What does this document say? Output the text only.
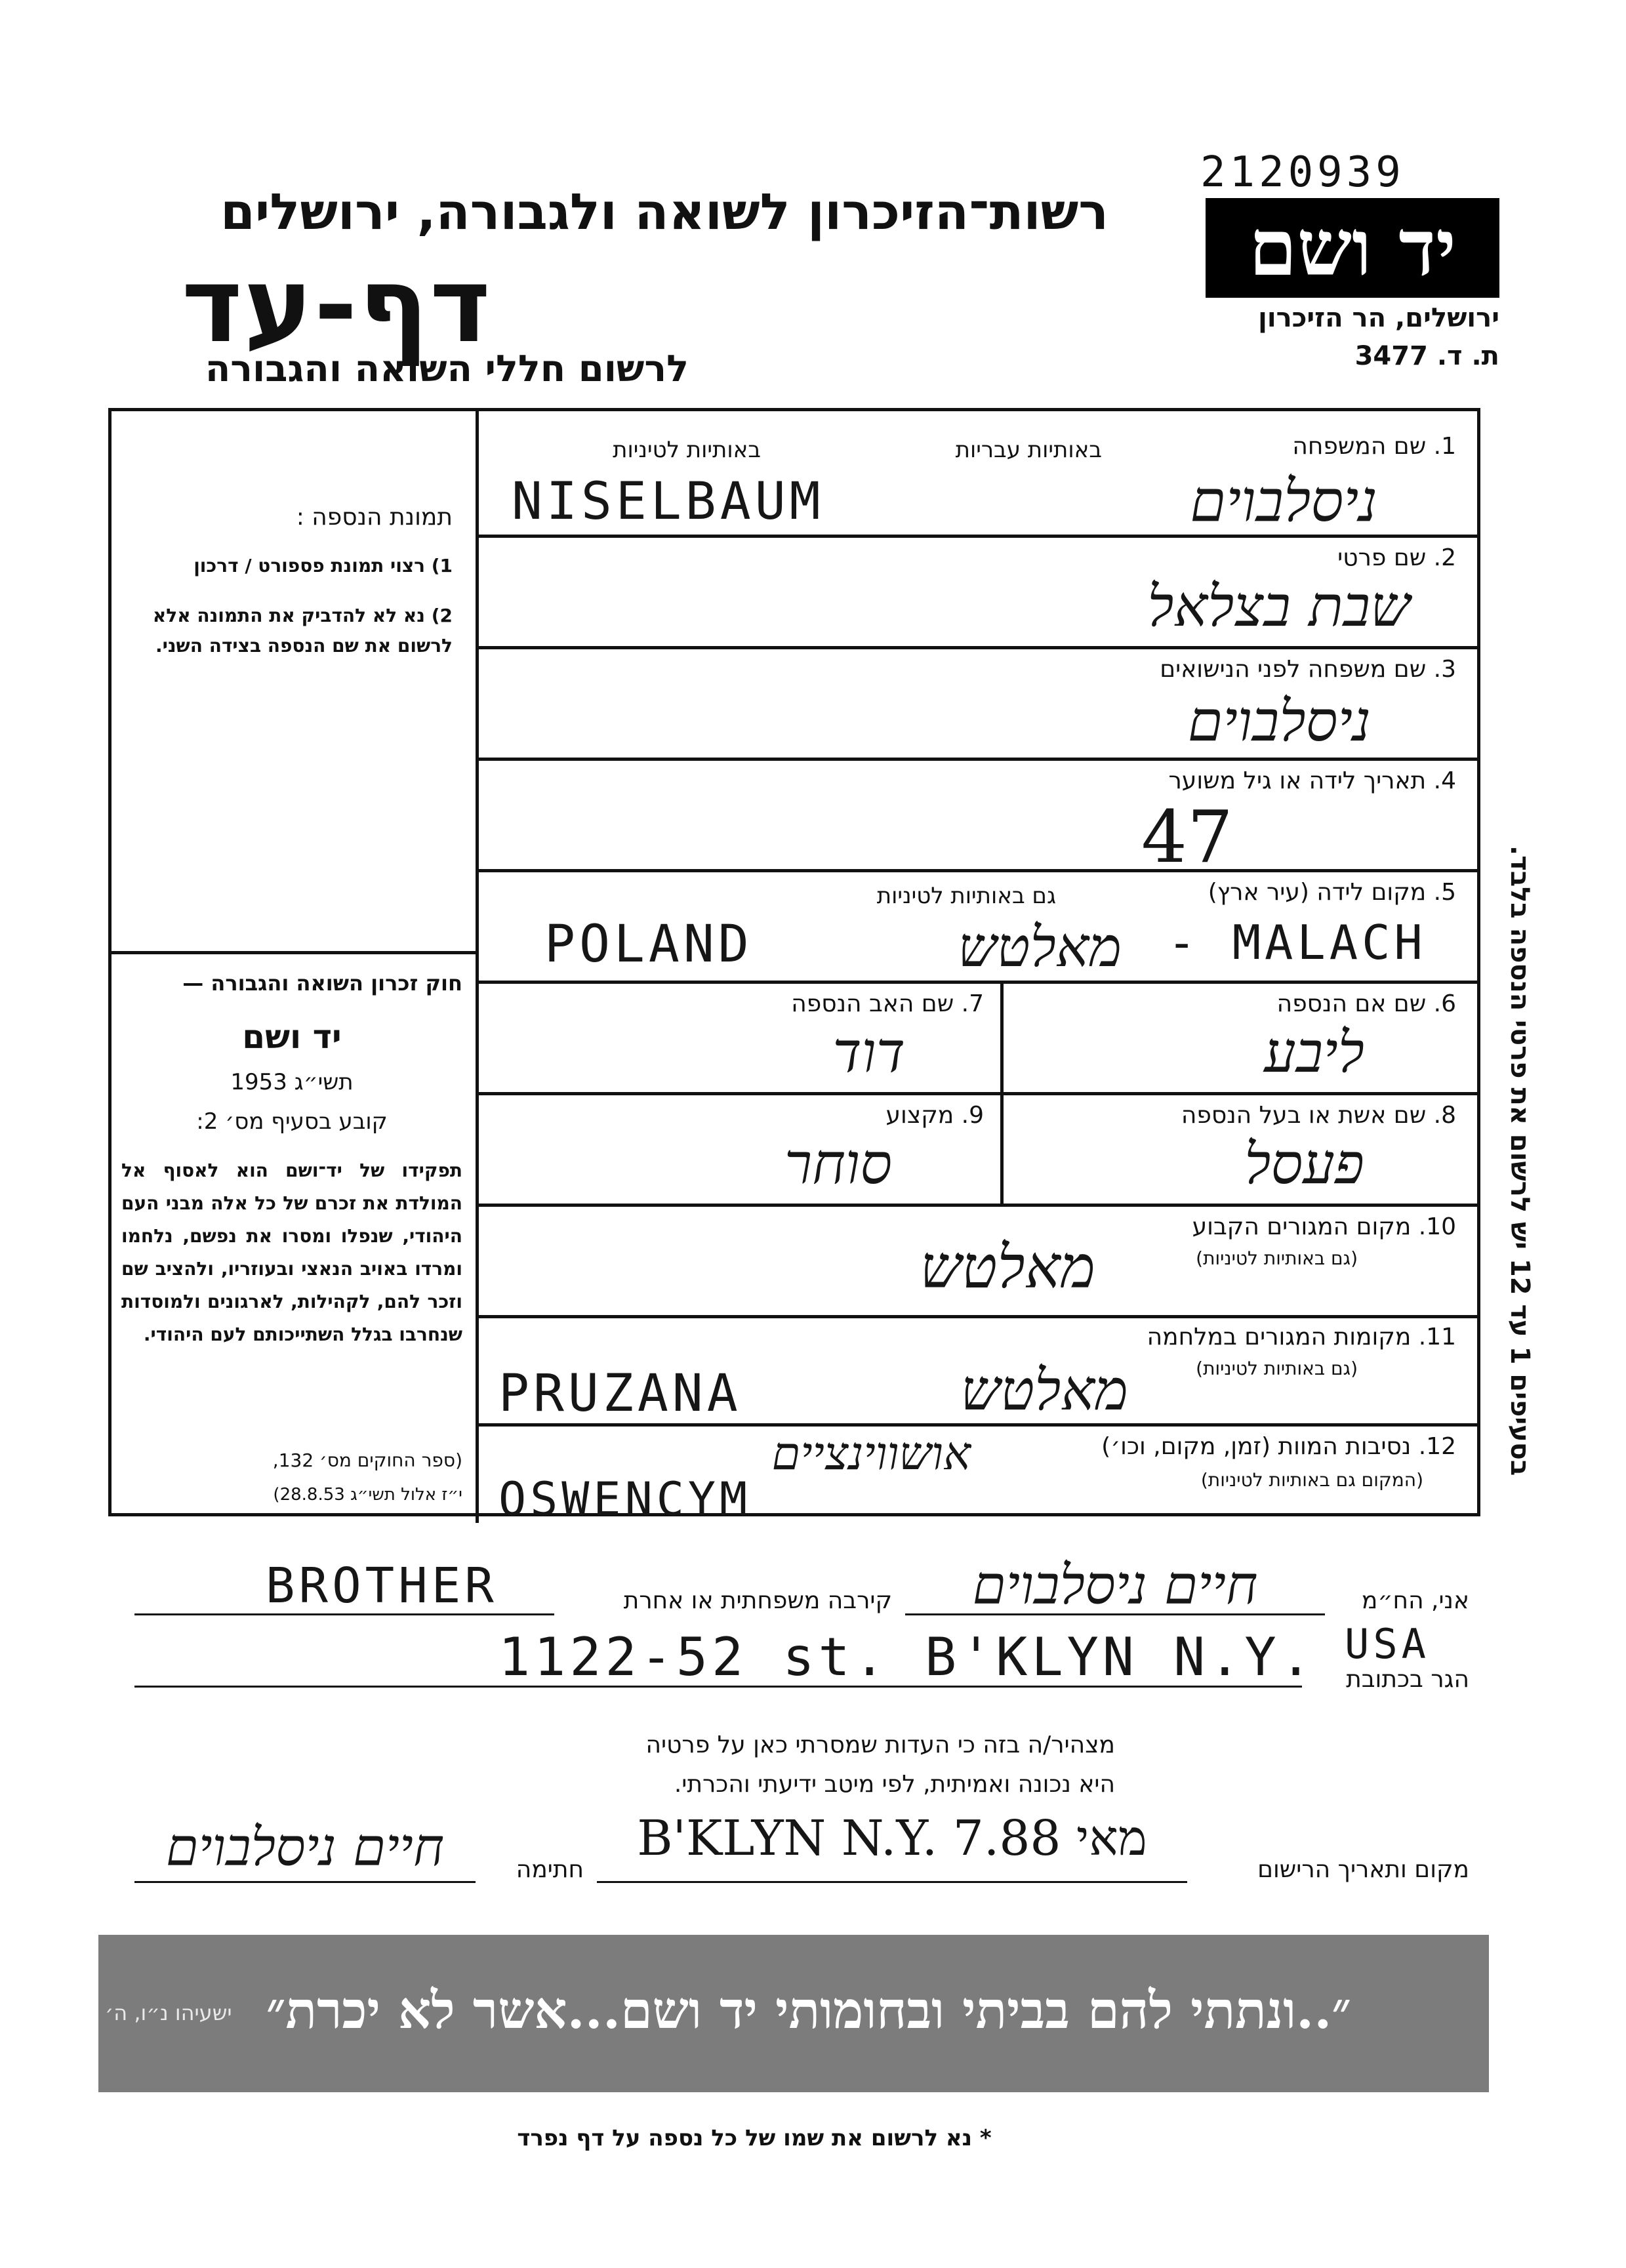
2120939
יד ושם
ירושלים, הר הזיכרון
ת. ד. 3477
רשות־הזיכרון לשואה ולגבורה, ירושלים
דף-עד
לרשום חללי השואה והגבורה
תמונת הנספה :
1) רצוי תמונת פספורט / דרכון
2) נא לא להדביק את התמונה אלא לרשום את שם הנספה בצידה השני.
חוק זכרון השואה והגבורה —
יד ושם
תשי״ג 1953
קובע בסעיף מס׳ 2:
תפקידו של יד־ושם הוא לאסוף אל המולדת את זכרם של כל אלה מבני העם היהודי, שנפלו ומסרו את נפשם, נלחמו ומרדו באויב הנאצי ובעוזריו, ולהציב שם וזכר להם, לקהילות, לארגונים ולמוסדות שנחרבו בגלל השתייכותם לעם היהודי.
(ספר החוקים מס׳ 132,
י״ז אלול תשי״ג 28.8.53)
1. שם המשפחה
באותיות עבריות
באותיות לטיניות
NISELBAUM	ניסלבוים
2. שם פרטי
שבת בצלאל
3. שם משפחה לפני הנישואים
ניסלבוים
4. תאריך לידה או גיל משוער
47
5. מקום לידה (עיר ארץ)
גם באותיות לטיניות
POLAND	מאלטש - MALACH
6. שם אם הנספה
ליבע
7. שם האב הנספה
דוד
8. שם אשת או בעל הנספה
פעסל
9. מקצוע
סוחר
10. מקום המגורים הקבוע
(גם באותיות לטיניות)
מאלטש
11. מקומות המגורים במלחמה
(גם באותיות לטיניות)
PRUZANA	מאלטש
12. נסיבות המוות (זמן, מקום, וכו׳)
(המקום גם באותיות לטיניות)
אושווינציים
OSWENCYM
בסעיפים 1 עד 12 יש לרשום את פרטי הנספה בלבד.
אני, הח״מ
חיים ניסלבוים
קירבה משפחתית או אחרת
BROTHER
הגר בכתובת
1122-52 st. B'KLYN N.Y. USA
מצהיר/ה בזה כי העדות שמסרתי כאן על פרטיה
היא נכונה ואמיתית, לפי מיטב ידיעתי והכרתי.
מקום ותאריך הרישום
B'KLYN N.Y. מאי 7.88
חתימה
חיים ניסלבוים
״..ונתתי להם בביתי ובחומותי יד ושם...אשר לא יכרת״
ישעיהו נ״ו, ה׳
* נא לרשום את שמו של כל נספה על דף נפרד
